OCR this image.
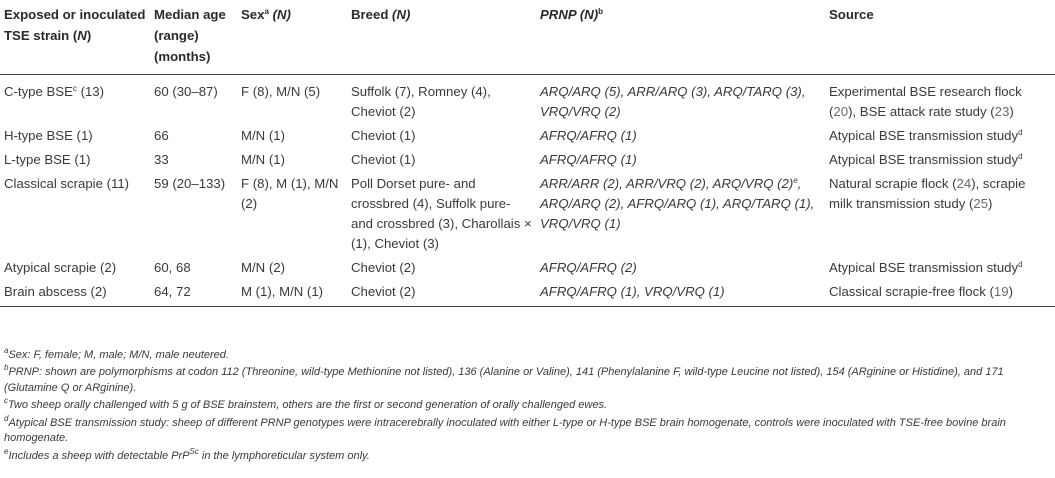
Exposed or inoculated TSE strain (N)	Median age (range) (months)	Sex$^a$ (N)	Breed (N)	PRNP $(N)^b$	Source
C-type BSE$^c$ (13)	60 (30–87)	F (8), M/N (5)	Suffolk (7), Romney (4), Cheviot (2)	ARQ/ARQ (5), ARR/ARQ (3), ARQ/TARQ (3), VRQ/VRQ (2)	Experimental BSE research flock (20), BSE attack rate study (23)
H-type BSE (1)	66	M/N (1)	Cheviot (1)	AFRQ/AFRQ (1)	Atypical BSE transmission study$^d$
L-type BSE (1)	33	M/N (1)	Cheviot (1)	AFRQ/AFRQ (1)	Atypical BSE transmission study$^d$
Classical scrapie (11)	59 (20–133)	F (8), M (1), M/N (2)	Poll Dorset pure- and crossbred (4), Suffolk pure- and crossbred (3), Charollais × (1), Cheviot (3)	ARR/ARR (2), ARR/VRQ (2), ARQ/VRQ $(2)^e$, ARQ/ARQ (2), AFRQ/ARQ (1), ARQ/TARQ (1), VRQ/VRQ (1)	Natural scrapie flock (24), scrapie milk transmission study (25)
Atypical scrapie (2)	60, 68	M/N (2)	Cheviot (2)	AFRQ/AFRQ (2)	Atypical BSE transmission study$^d$
Brain abscess (2)	64, 72	M (1), M/N (1)	Cheviot (2)	AFRQ/AFRQ (1), VRQ/VRQ (1)	Classical scrapie-free flock (19)

$^a$Sex: F, female; M, male; M/N, male neutered.

$^b$PRNP: shown are polymorphisms at codon 112 (Threonine, wild-type Methionine not listed), 136 (Alanine or Valine), 141 (Phenylalanine F, wild-type Leucine not listed), 154 (ARginine or Histidine), and 171 (Glutamine Q or ARginine).

$^c$Two sheep orally challenged with 5 g of BSE brainstem, others are the first or second generation of orally challenged ewes.

$^d$Atypical BSE transmission study: sheep of different PRNP genotypes were intracerebrally inoculated with either L-type or H-type BSE brain homogenate, controls were inoculated with TSE-free bovine brain homogenate.

$^e$Includes a sheep with detectable PrP$^{Sc}$ in the lymphoreticular system only.
